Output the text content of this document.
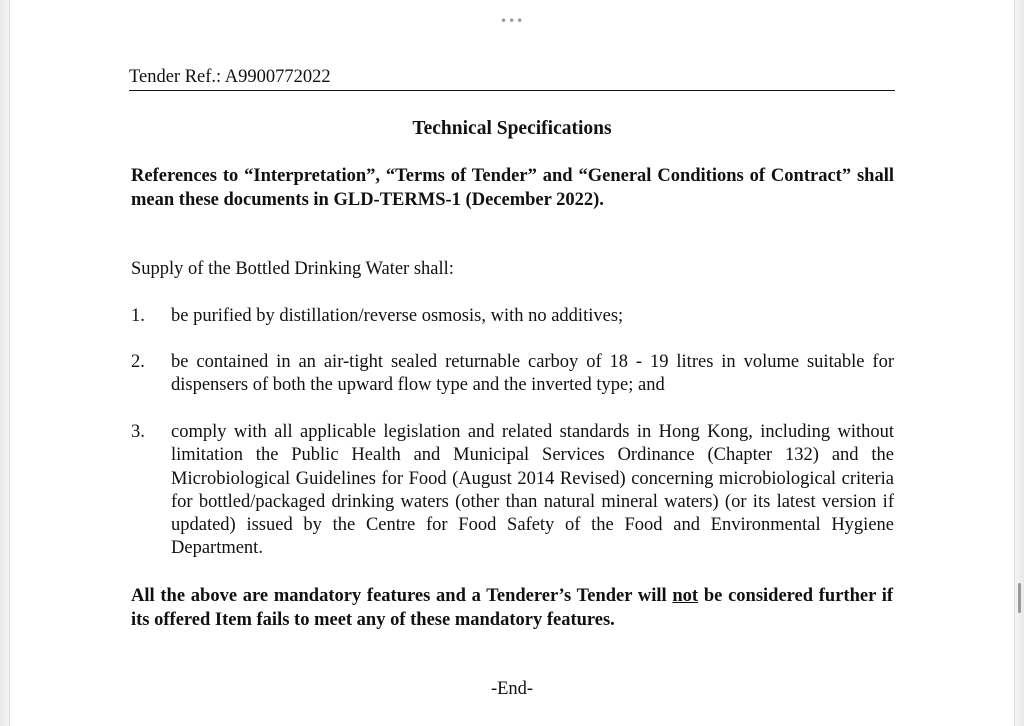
•••
Tender Ref.: A9900772022
Technical Specifications
References to “Interpretation”, “Terms of Tender” and “General Conditions of Contract” shall mean these documents in GLD-TERMS-1 (December 2022).
Supply of the Bottled Drinking Water shall:
1. be purified by distillation/reverse osmosis, with no additives;
2. be contained in an air-tight sealed returnable carboy of 18 - 19 litres in volume suitable for dispensers of both the upward flow type and the inverted type; and
3. comply with all applicable legislation and related standards in Hong Kong, including without limitation the Public Health and Municipal Services Ordinance (Chapter 132) and the Microbiological Guidelines for Food (August 2014 Revised) concerning microbiological criteria for bottled/packaged drinking waters (other than natural mineral waters) (or its latest version if updated) issued by the Centre for Food Safety of the Food and Environmental Hygiene Department.
All the above are mandatory features and a Tenderer’s Tender will not be considered further if its offered Item fails to meet any of these mandatory features.
-End-
